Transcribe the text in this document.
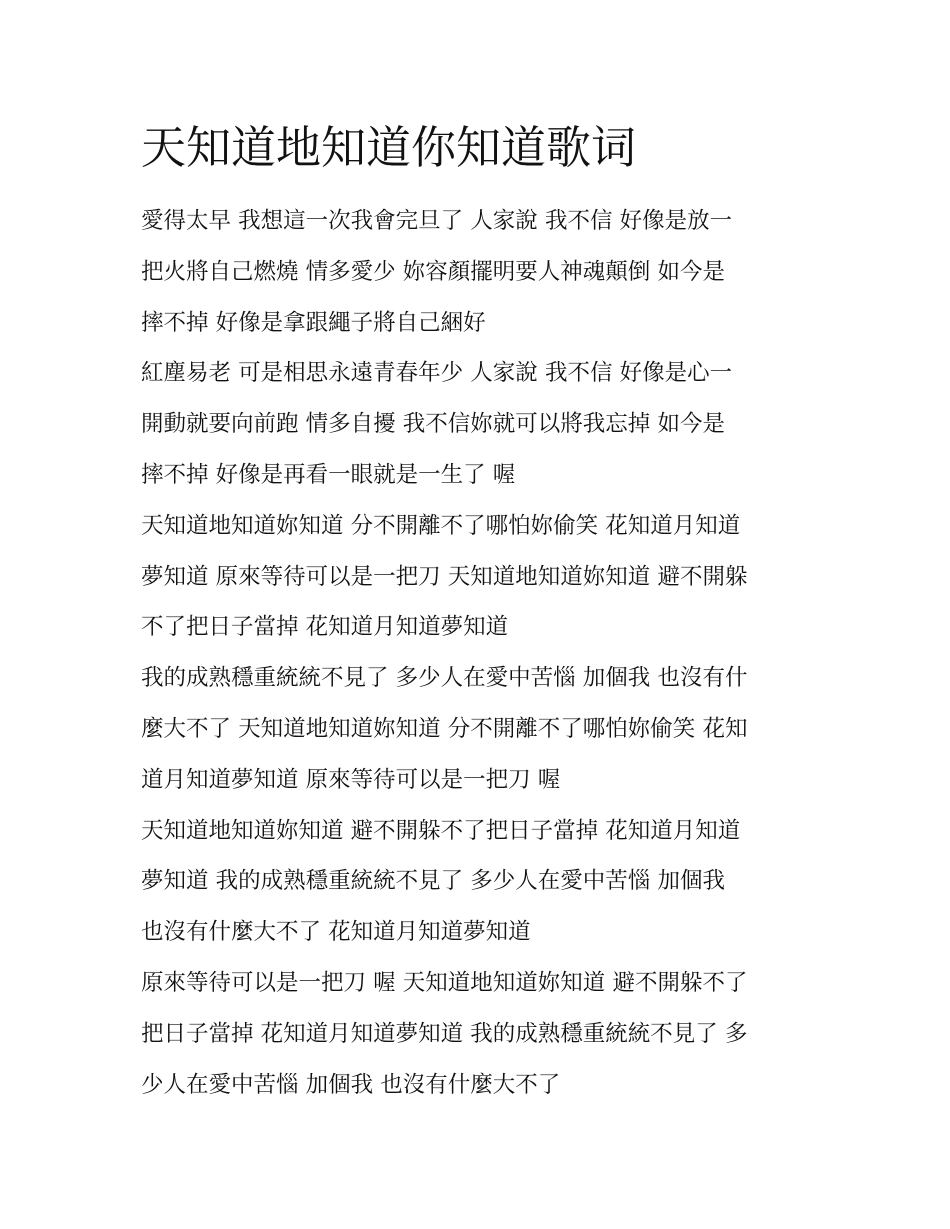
天知道地知道你知道歌词
愛得太早 我想這一次我會完旦了 人家說 我不信 好像是放一
把火將自己燃燒 情多愛少 妳容顏擺明要人神魂顛倒 如今是
摔不掉 好像是拿跟繩子將自己綑好
紅塵易老 可是相思永遠青春年少 人家說 我不信 好像是心一
開動就要向前跑 情多自擾 我不信妳就可以將我忘掉 如今是
摔不掉 好像是再看一眼就是一生了 喔
天知道地知道妳知道 分不開離不了哪怕妳偷笑 花知道月知道
夢知道 原來等待可以是一把刀 天知道地知道妳知道 避不開躲
不了把日子當掉 花知道月知道夢知道
我的成熟穩重統統不見了 多少人在愛中苦惱 加個我 也沒有什
麼大不了 天知道地知道妳知道 分不開離不了哪怕妳偷笑 花知
道月知道夢知道 原來等待可以是一把刀 喔
天知道地知道妳知道 避不開躲不了把日子當掉 花知道月知道
夢知道 我的成熟穩重統統不見了 多少人在愛中苦惱 加個我
也沒有什麼大不了 花知道月知道夢知道
原來等待可以是一把刀 喔 天知道地知道妳知道 避不開躲不了
把日子當掉 花知道月知道夢知道 我的成熟穩重統統不見了 多
少人在愛中苦惱 加個我 也沒有什麼大不了
